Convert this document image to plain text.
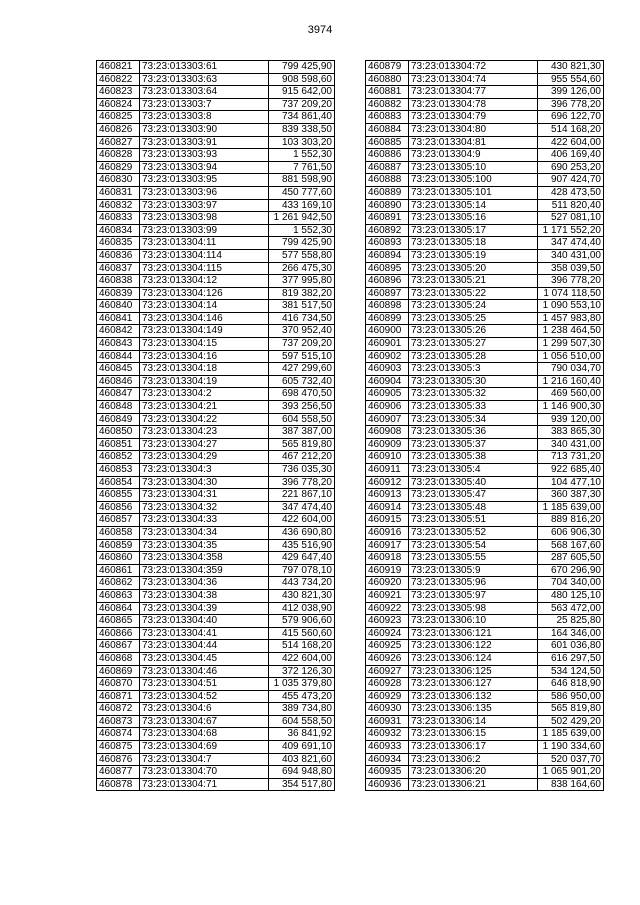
3974
460821	73:23:013303:61	799 425,90
460822	73:23:013303:63	908 598,60
460823	73:23:013303:64	915 642,00
460824	73:23:013303:7	737 209,20
460825	73:23:013303:8	734 861,40
460826	73:23:013303:90	839 338,50
460827	73:23:013303:91	103 303,20
460828	73:23:013303:93	1 552,30
460829	73:23:013303:94	7 761,50
460830	73:23:013303:95	881 598,90
460831	73:23:013303:96	450 777,60
460832	73:23:013303:97	433 169,10
460833	73:23:013303:98	1 261 942,50
460834	73:23:013303:99	1 552,30
460835	73:23:013304:11	799 425,90
460836	73:23:013304:114	577 558,80
460837	73:23:013304:115	266 475,30
460838	73:23:013304:12	377 995,80
460839	73:23:013304:126	819 382,20
460840	73:23:013304:14	381 517,50
460841	73:23:013304:146	416 734,50
460842	73:23:013304:149	370 952,40
460843	73:23:013304:15	737 209,20
460844	73:23:013304:16	597 515,10
460845	73:23:013304:18	427 299,60
460846	73:23:013304:19	605 732,40
460847	73:23:013304:2	698 470,50
460848	73:23:013304:21	393 256,50
460849	73:23:013304:22	604 558,50
460850	73:23:013304:23	387 387,00
460851	73:23:013304:27	565 819,80
460852	73:23:013304:29	467 212,20
460853	73:23:013304:3	736 035,30
460854	73:23:013304:30	396 778,20
460855	73:23:013304:31	221 867,10
460856	73:23:013304:32	347 474,40
460857	73:23:013304:33	422 604,00
460858	73:23:013304:34	436 690,80
460859	73:23:013304:35	435 516,90
460860	73:23:013304:358	429 647,40
460861	73:23:013304:359	797 078,10
460862	73:23:013304:36	443 734,20
460863	73:23:013304:38	430 821,30
460864	73:23:013304:39	412 038,90
460865	73:23:013304:40	579 906,60
460866	73:23:013304:41	415 560,60
460867	73:23:013304:44	514 168,20
460868	73:23:013304:45	422 604,00
460869	73:23:013304:46	372 126,30
460870	73:23:013304:51	1 035 379,80
460871	73:23:013304:52	455 473,20
460872	73:23:013304:6	389 734,80
460873	73:23:013304:67	604 558,50
460874	73:23:013304:68	36 841,92
460875	73:23:013304:69	409 691,10
460876	73:23:013304:7	403 821,60
460877	73:23:013304:70	694 948,80
460878	73:23:013304:71	354 517,80
460879	73:23:013304:72	430 821,30
460880	73:23:013304:74	955 554,60
460881	73:23:013304:77	399 126,00
460882	73:23:013304:78	396 778,20
460883	73:23:013304:79	696 122,70
460884	73:23:013304:80	514 168,20
460885	73:23:013304:81	422 604,00
460886	73:23:013304:9	406 169,40
460887	73:23:013305:10	690 253,20
460888	73:23:013305:100	907 424,70
460889	73:23:013305:101	428 473,50
460890	73:23:013305:14	511 820,40
460891	73:23:013305:16	527 081,10
460892	73:23:013305:17	1 171 552,20
460893	73:23:013305:18	347 474,40
460894	73:23:013305:19	340 431,00
460895	73:23:013305:20	358 039,50
460896	73:23:013305:21	396 778,20
460897	73:23:013305:22	1 074 118,50
460898	73:23:013305:24	1 090 553,10
460899	73:23:013305:25	1 457 983,80
460900	73:23:013305:26	1 238 464,50
460901	73:23:013305:27	1 299 507,30
460902	73:23:013305:28	1 056 510,00
460903	73:23:013305:3	790 034,70
460904	73:23:013305:30	1 216 160,40
460905	73:23:013305:32	469 560,00
460906	73:23:013305:33	1 146 900,30
460907	73:23:013305:34	939 120,00
460908	73:23:013305:36	383 865,30
460909	73:23:013305:37	340 431,00
460910	73:23:013305:38	713 731,20
460911	73:23:013305:4	922 685,40
460912	73:23:013305:40	104 477,10
460913	73:23:013305:47	360 387,30
460914	73:23:013305:48	1 185 639,00
460915	73:23:013305:51	889 816,20
460916	73:23:013305:52	606 906,30
460917	73:23:013305:54	568 167,60
460918	73:23:013305:55	287 605,50
460919	73:23:013305:9	670 296,90
460920	73:23:013305:96	704 340,00
460921	73:23:013305:97	480 125,10
460922	73:23:013305:98	563 472,00
460923	73:23:013306:10	25 825,80
460924	73:23:013306:121	164 346,00
460925	73:23:013306:122	601 036,80
460926	73:23:013306:124	616 297,50
460927	73:23:013306:125	534 124,50
460928	73:23:013306:127	646 818,90
460929	73:23:013306:132	586 950,00
460930	73:23:013306:135	565 819,80
460931	73:23:013306:14	502 429,20
460932	73:23:013306:15	1 185 639,00
460933	73:23:013306:17	1 190 334,60
460934	73:23:013306:2	520 037,70
460935	73:23:013306:20	1 065 901,20
460936	73:23:013306:21	838 164,60
